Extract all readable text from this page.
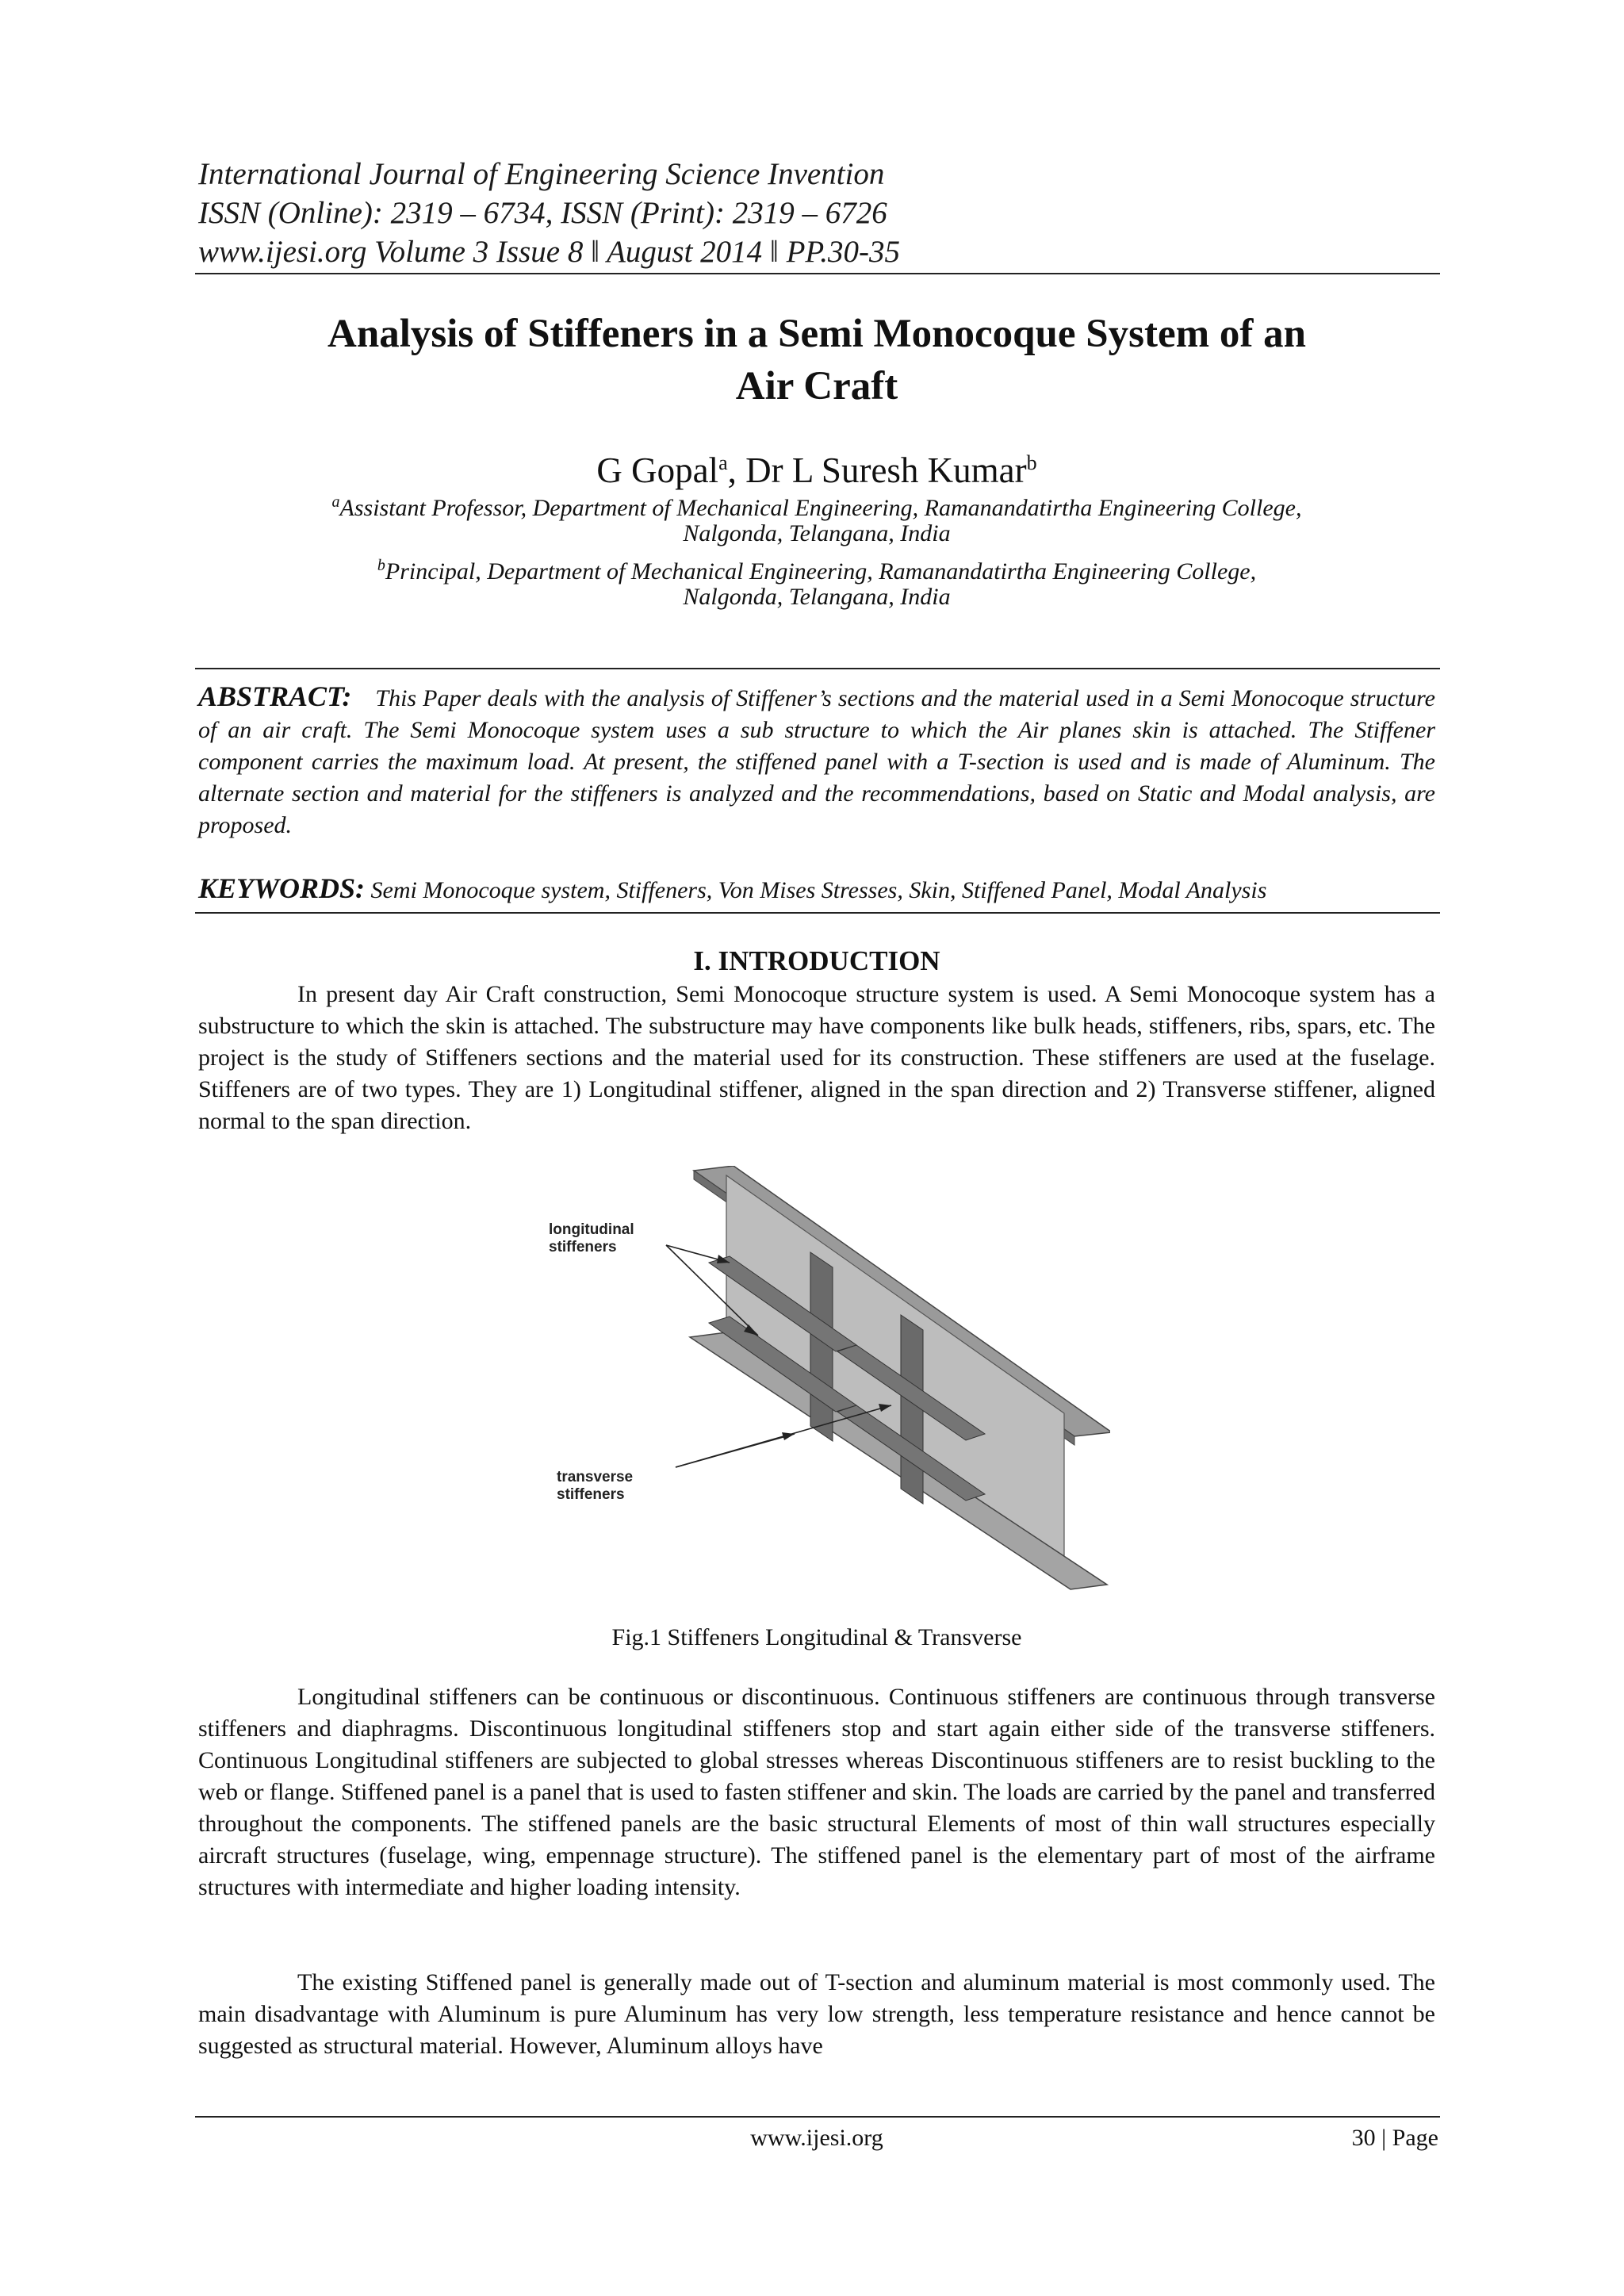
International Journal of Engineering Science Invention
ISSN (Online): 2319 – 6734, ISSN (Print): 2319 – 6726
www.ijesi.org Volume 3 Issue 8 ǁ August 2014 ǁ PP.30-35
Analysis of Stiffeners in a Semi Monocoque System of an
Air Craft
G Gopal$^a$, Dr L Suresh Kumar$^b$
$^a$Assistant Professor, Department of Mechanical Engineering, Ramanandatirtha Engineering College,
Nalgonda, Telangana, India
$^b$Principal, Department of Mechanical Engineering, Ramanandatirtha Engineering College,
Nalgonda, Telangana, India
ABSTRACT: This Paper deals with the analysis of Stiffener’s sections and the material used in a Semi Monocoque structure of an air craft. The Semi Monocoque system uses a sub structure to which the Air planes skin is attached. The Stiffener component carries the maximum load. At present, the stiffened panel with a T-section is used and is made of Aluminum. The alternate section and material for the stiffeners is analyzed and the recommendations, based on Static and Modal analysis, are proposed.
KEYWORDS: Semi Monocoque system, Stiffeners, Von Mises Stresses, Skin, Stiffened Panel, Modal Analysis
I. INTRODUCTION
In present day Air Craft construction, Semi Monocoque structure system is used. A Semi Monocoque system has a substructure to which the skin is attached. The substructure may have components like bulk heads, stiffeners, ribs, spars, etc. The project is the study of Stiffeners sections and the material used for its construction. These stiffeners are used at the fuselage. Stiffeners are of two types. They are 1) Longitudinal stiffener, aligned in the span direction and 2) Transverse stiffener, aligned normal to the span direction.
longitudinal
stiffeners
transverse
stiffeners
Fig.1 Stiffeners Longitudinal & Transverse
Longitudinal stiffeners can be continuous or discontinuous. Continuous stiffeners are continuous through transverse stiffeners and diaphragms. Discontinuous longitudinal stiffeners stop and start again either side of the transverse stiffeners. Continuous Longitudinal stiffeners are subjected to global stresses whereas Discontinuous stiffeners are to resist buckling to the web or flange. Stiffened panel is a panel that is used to fasten stiffener and skin. The loads are carried by the panel and transferred throughout the components. The stiffened panels are the basic structural Elements of most of thin wall structures especially aircraft structures (fuselage, wing, empennage structure). The stiffened panel is the elementary part of most of the airframe structures with intermediate and higher loading intensity.
The existing Stiffened panel is generally made out of T-section and aluminum material is most commonly used. The main disadvantage with Aluminum is pure Aluminum has very low strength, less temperature resistance and hence cannot be suggested as structural material. However, Aluminum alloys have
www.ijesi.org	30 | Page
